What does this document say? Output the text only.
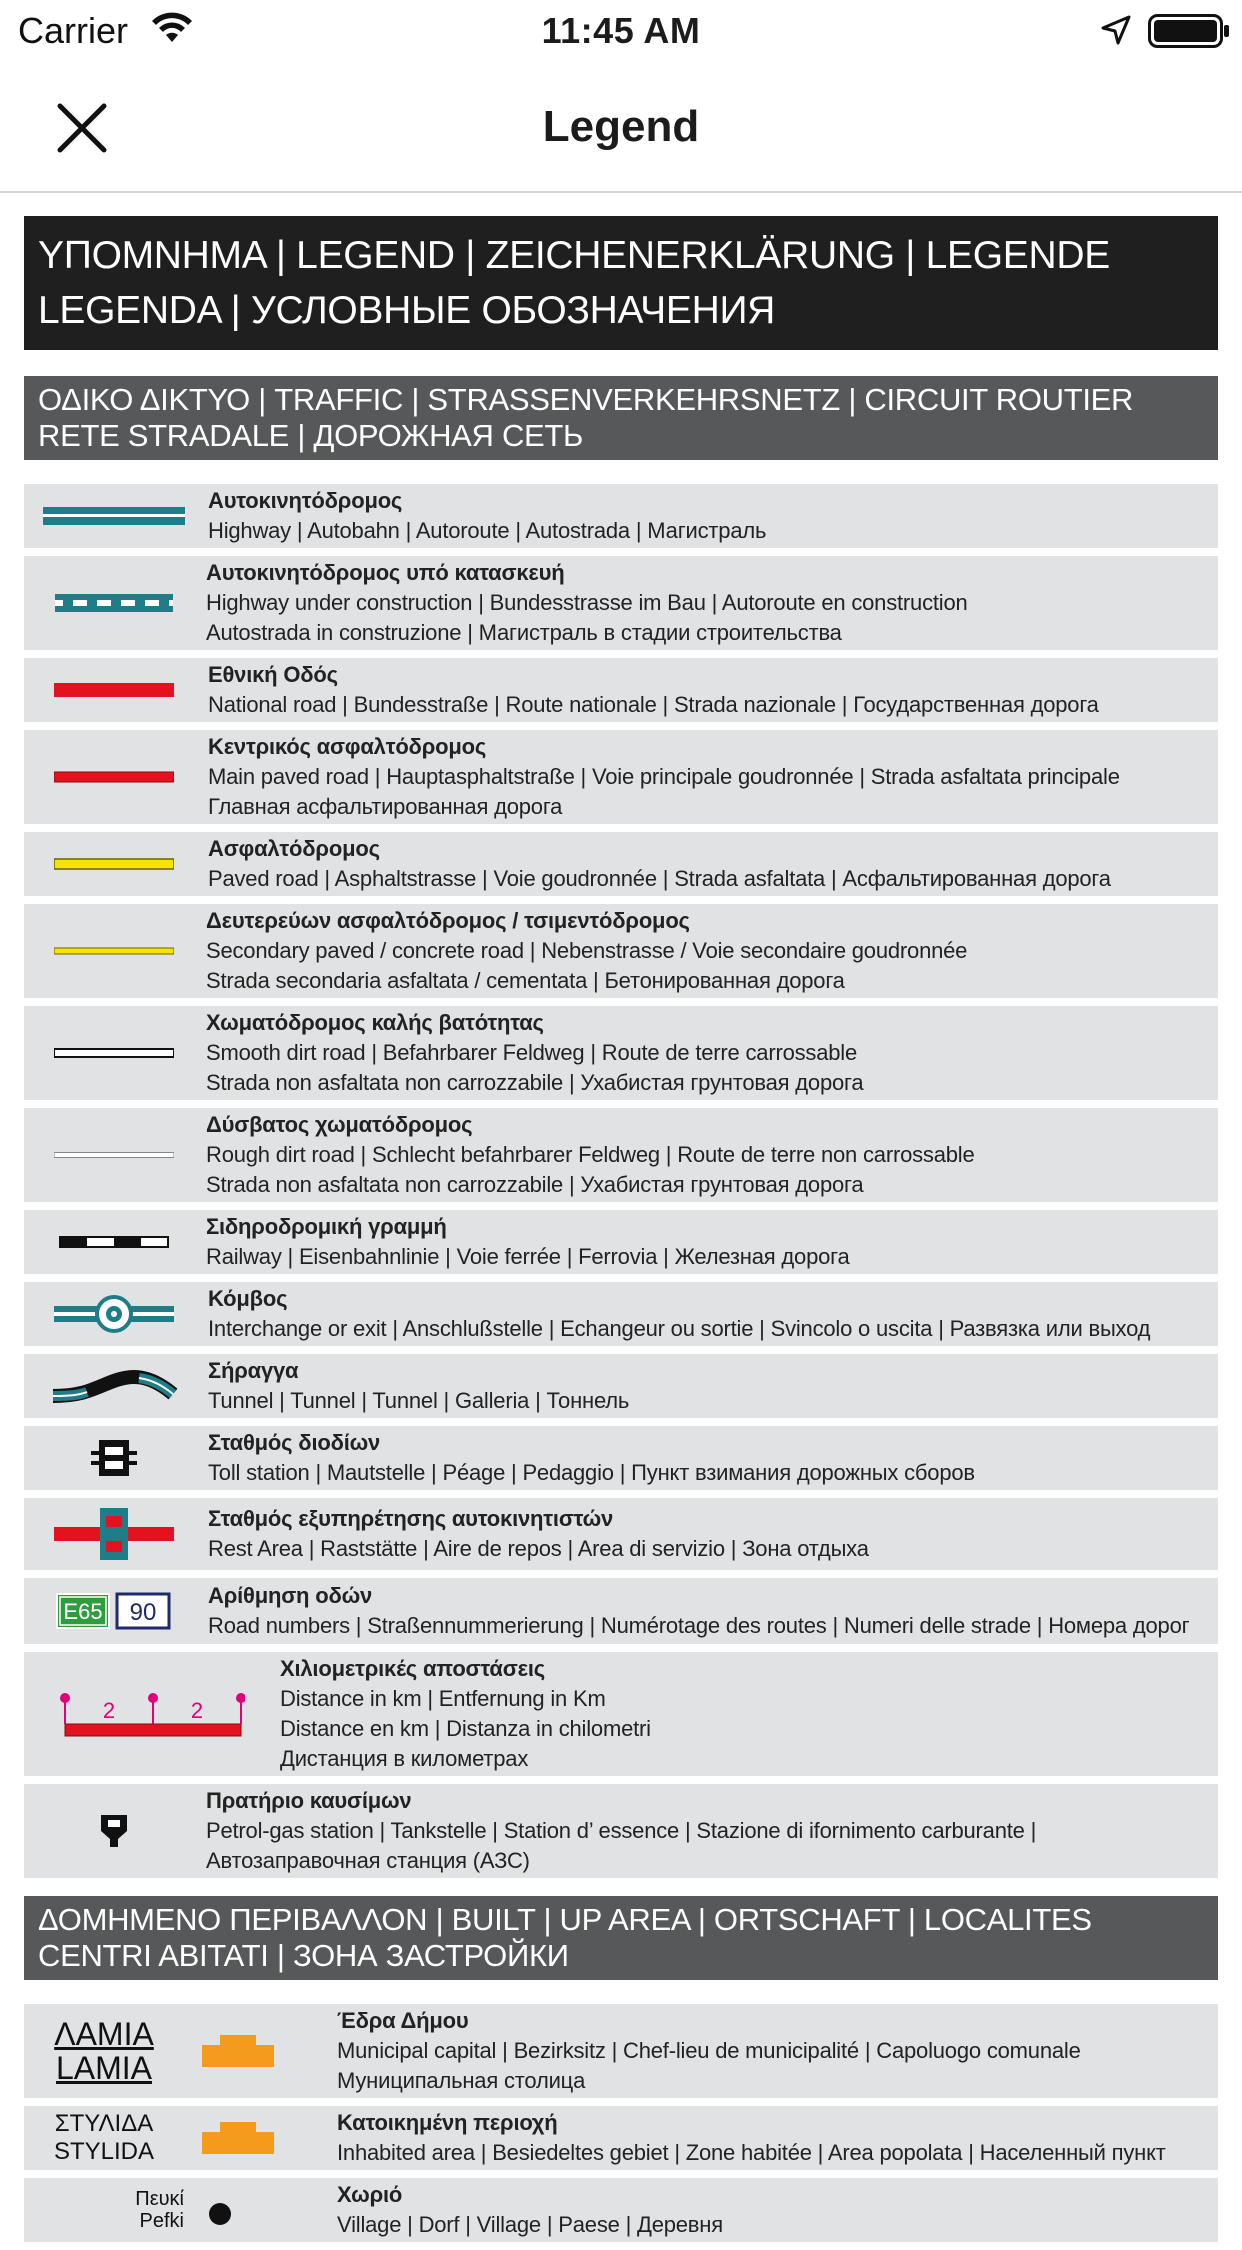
Carrier	11:45 AM
Legend
ΥΠΟΜΝΗΜΑ | LEGEND | ZEICHENERKLÄRUNG | LEGENDE
LEGENDA | УСЛОВНЫЕ ОБОЗНАЧЕНИЯ
ΟΔΙΚΟ ΔΙΚΤΥΟ | TRAFFIC | STRASSENVERKEHRSNETZ | CIRCUIT ROUTIER
RETE STRADALE | ДОРОЖНАЯ СЕТЬ
Αυτοκινητόδρομος
Highway | Autobahn | Autoroute | Autostrada | Магистраль
Αυτοκινητόδρομος υπό κατασκευή
Highway under construction | Bundesstrasse im Bau | Autoroute en construction
Autostrada in construzione | Магистраль в стадии строительства
Εθνική Οδός
National road | Bundesstraße | Route nationale | Strada nazionale | Государственная дорога
Κεντρικός ασφαλτόδρομος
Main paved road | Hauptasphaltstraße | Voie principale goudronnée | Strada asfaltata principale
Главная асфальтированная дорога
Ασφαλτόδρομος
Paved road | Asphaltstrasse | Voie goudronnée | Strada asfaltata | Асфальтированная дорога
Δευτερεύων ασφαλτόδρομος / τσιμεντόδρομος
Secondary paved / concrete road | Nebenstrasse / Voie secondaire goudronnée
Strada secondaria asfaltata / cementata | Бетонированная дорога
Χωματόδρομος καλής βατότητας
Smooth dirt road | Befahrbarer Feldweg | Route de terre carrossable
Strada non asfaltata non carrozzabile | Ухабистая грунтовая дорога
Δύσβατος χωματόδρομος
Rough dirt road | Schlecht befahrbarer Feldweg | Route de terre non carrossable
Strada non asfaltata non carrozzabile | Ухабистая грунтовая дорога
Σιδηροδρομική γραμμή
Railway | Eisenbahnlinie | Voie ferrée | Ferrovia | Железная дорога
Κόμβος
Interchange or exit | Anschlußstelle | Echangeur ou sortie | Svincolo o uscita | Развязка или выход
Σήραγγα
Tunnel | Tunnel | Tunnel | Galleria | Тоннель
Σταθμός διοδίων
Toll station | Mautstelle | Péage | Pedaggio | Пункт взимания дорожных сборов
Σταθμός εξυπηρέτησης αυτοκινητιστών
Rest Area | Raststätte | Aire de repos | Area di servizio | Зона отдыха
E65 90
Αρίθμηση οδών
Road numbers | Straßennummerierung | Numérotage des routes | Numeri delle strade | Номера дорог
2	2
Χιλιομετρικές αποστάσεις
Distance in km | Entfernung in Km
Distance en km | Distanza in chilometri
Дистанция в километрах
Πρατήριο καυσίμων
Petrol-gas station | Tankstelle | Station d’ essence | Stazione di ifornimento carburante |
Автозаправочная станция (АЗС)
ΔΟΜΗΜΕΝΟ ΠΕΡΙΒΑΛΛΟΝ | BUILT | UP AREA | ORTSCHAFT | LOCALITES
CENTRI ABITATI | ЗОНА ЗАСТРОЙКИ
ΛΑΜΙΑ
LAMIA
Έδρα Δήμου
Municipal capital | Bezirksitz | Chef-lieu de municipalité | Capoluogo comunale
Муниципальная столица
ΣΤΥΛΙΔΑ
STYLIDA
Κατοικημένη περιοχή
Inhabited area | Besiedeltes gebiet | Zone habitée | Area popolata | Населенный пункт
Πευκί
Pefki
Χωριό
Village | Dorf | Village | Paese | Деревня
